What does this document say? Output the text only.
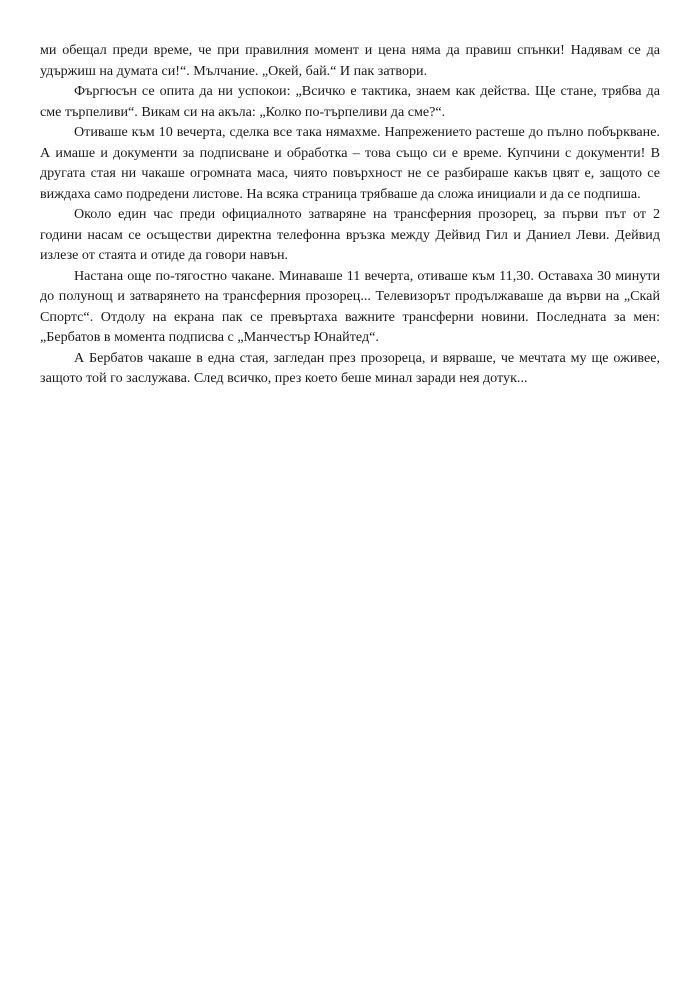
ми обещал преди време, че при правилния момент и цена няма да правиш спънки! Надявам се да удържиш на думата си!“. Мълчание. „Окей, бай.“ И пак затвори.

Фъргюсън се опита да ни успокои: „Всичко е тактика, знаем как действа. Ще стане, трябва да сме търпеливи“. Викам си на акъла: „Колко по-търпеливи да сме?“.

Отиваше към 10 вечерта, сделка все така нямахме. Напрежението растеше до пълно побъркване. А имаше и документи за подписване и обработка – това също си е време. Купчини с документи! В другата стая ни чакаше огромната маса, чиято повърхност не се разбираше какъв цвят е, защото се виждаха само подредени листове. На всяка страница трябваше да сложа инициали и да се подпиша.

Около един час преди официалното затваряне на трансферния прозорец, за първи път от 2 години насам се осъществи директна телефонна връзка между Дейвид Гил и Даниел Леви. Дейвид излезе от стаята и отиде да говори навън.

Настана още по-тягостно чакане. Минаваше 11 вечерта, отиваше към 11,30. Оставаха 30 минути до полунощ и затварянето на трансферния прозорец... Телевизорът продължаваше да върви на „Скай Спортс“. Отдолу на екрана пак се превъртаха важните трансферни новини. Последната за мен: „Бербатов в момента подписва с „Манчестър Юнайтед“.

А Бербатов чакаше в една стая, загледан през прозореца, и вярваше, че мечтата му ще оживее, защото той го заслужава. След всичко, през което беше минал заради нея дотук...
